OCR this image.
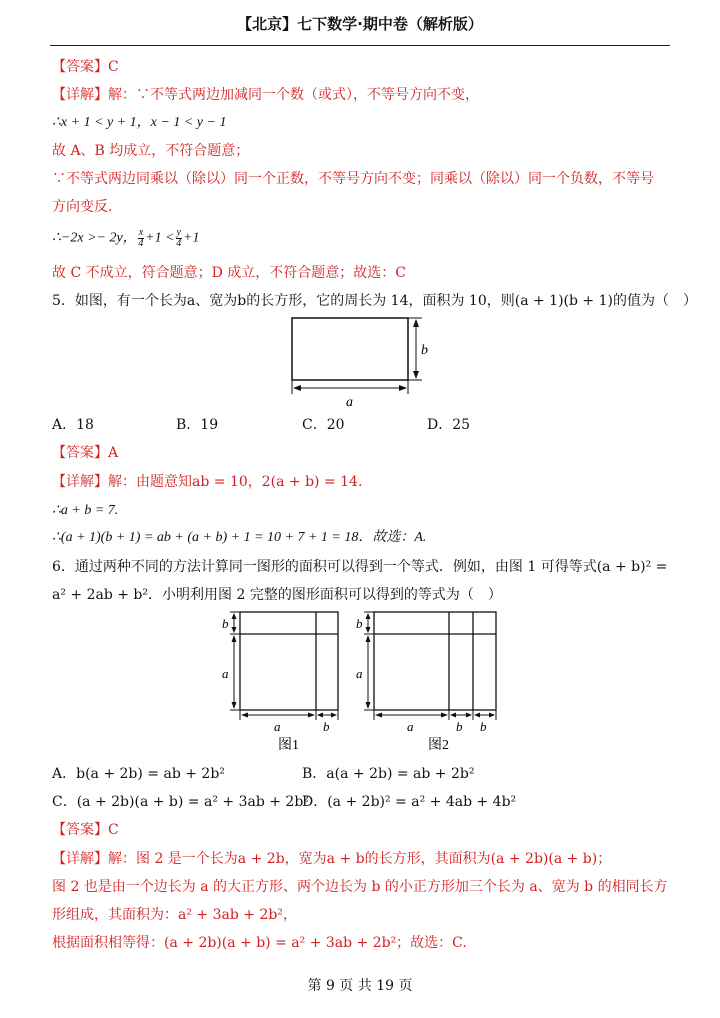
【北京】七下数学·期中卷（解析版）
【答案】C
【详解】解：∵不等式两边加减同一个数（或式），不等号方向不变，
∴x + 1 < y + 1，x − 1 < y − 1
故 A、B 均成立，不符合题意；
∵不等式两边同乘以（除以）同一个正数，不等号方向不变；同乘以（除以）同一个负数，不等号
方向变反.
∴−2x >− 2y， $\frac{x}{4} +1 < \frac{y}{4} +1$
故 C 不成立，符合题意；D 成立，不符合题意；故选：C
5．如图，有一个长为a、宽为b的长方形，它的周长为 14，面积为 10，则(a + 1)(b + 1)的值为（　）
a
b
A．18	B．19	C．20	D．25
【答案】A
【详解】解：由题意知ab = 10，2(a + b) = 14.
∴a + b = 7.
∴(a + 1)(b + 1) = ab + (a + b) + 1 = 10 + 7 + 1 = 18．故选：A.
6．通过两种不同的方法计算同一图形的面积可以得到一个等式．例如，由图 1 可得等式(a + b)² =
a² + 2ab + b²．小明利用图 2 完整的图形面积可以得到的等式为（　）
b
a
a	b
图1
b
a
a	b b
图2
A．b(a + 2b) = ab + 2b²	B．a(a + 2b) = ab + 2b²
C．(a + 2b)(a + b) = a² + 3ab + 2b²
D．(a + 2b)² = a² + 4ab + 4b²
【答案】C
【详解】解：图 2 是一个长为a + 2b，宽为a + b的长方形，其面积为(a + 2b)(a + b)；
图 2 也是由一个边长为 a 的大正方形、两个边长为 b 的小正方形加三个长为 a、宽为 b 的相同长方
形组成，其面积为：a² + 3ab + 2b²，
根据面积相等得：(a + 2b)(a + b) = a² + 3ab + 2b²；故选：C.
第 9 页 共 19 页
